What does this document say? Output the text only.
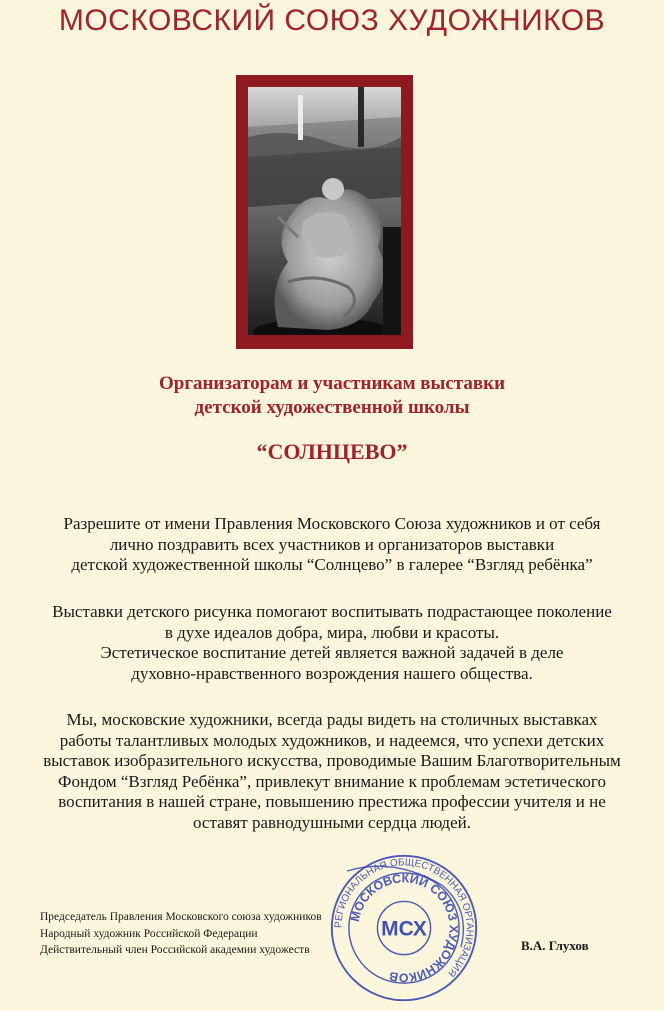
МОСКОВСКИЙ СОЮЗ ХУДОЖНИКОВ

Организаторам и участникам выставки

детской художественной школы

“СОЛНЦЕВО”

Разрешите от имени Правления Московского Союза художников и от себя
лично поздравить всех участников и организаторов выставки
детской художественной школы “Солнцево” в галерее “Взгляд ребёнка”
Выставки детского рисунка помогают воспитывать подрастающее поколение
в духе идеалов добра, мира, любви и красоты.
Эстетическое воспитание детей является важной задачей в деле
духовно-нравственного возрождения нашего общества.
Мы, московские художники, всегда рады видеть на столичных выставках
работы талантливых молодых художников, и надеемся, что успехи детских
выставок изобразительного искусства, проводимые Вашим Благотворительным
Фондом “Взгляд Ребёнка”, привлекут внимание к проблемам эстетического
воспитания в нашей стране, повышению престижа профессии учителя и не
оставят равнодушными сердца людей.
Председатель Правления Московского союза художников
Народный художник Российской Федерации
Действительный член Российской академии художеств	В.А. Глухов
РЕГИОНАЛЬНАЯ ОБЩЕСТВЕННАЯ ОРГАНИЗАЦИЯ
МОСКОВСКИЙ СОЮЗ ХУДОЖНИКОВ
МСХ
